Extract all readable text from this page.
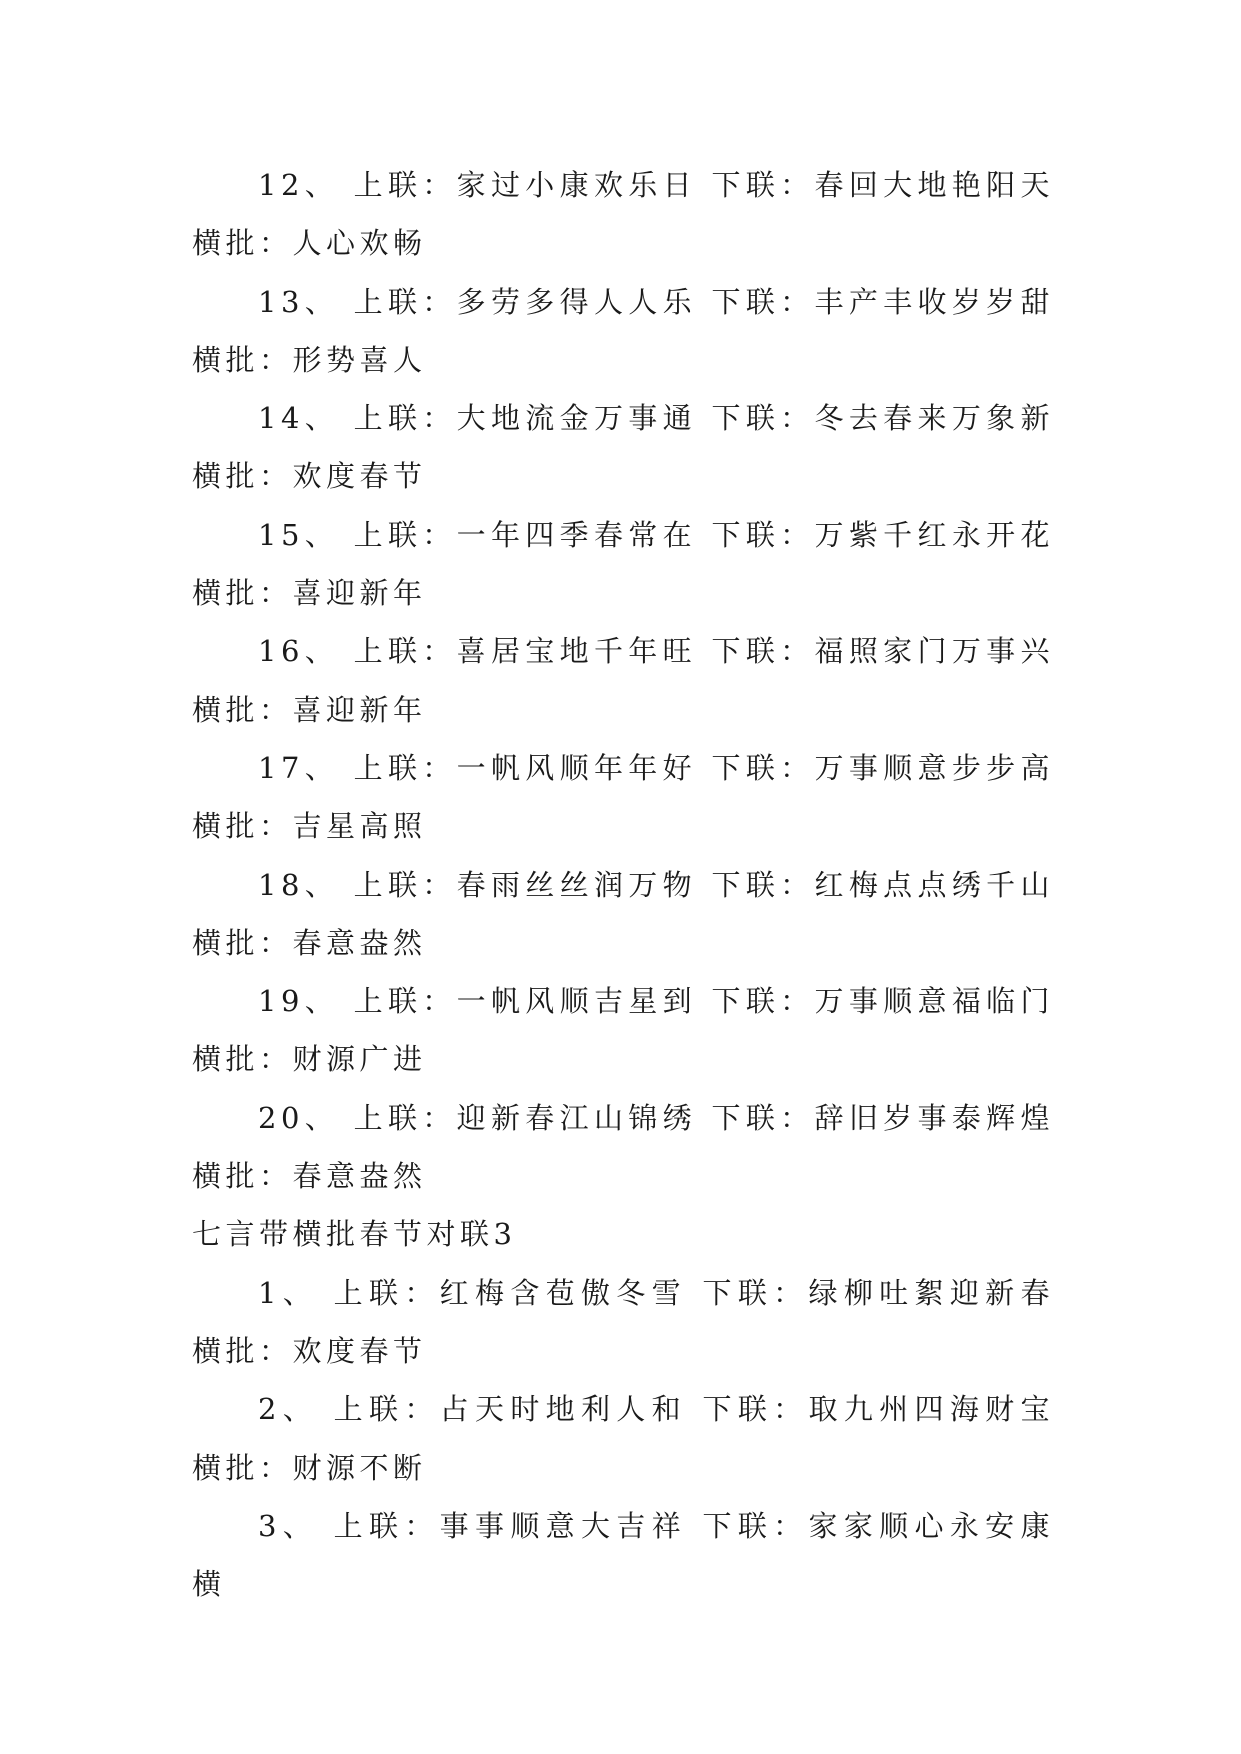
12、 上联：家过小康欢乐日 下联：春回大地艳阳天 横批：人心欢畅

13、 上联：多劳多得人人乐 下联：丰产丰收岁岁甜 横批：形势喜人

14、 上联：大地流金万事通 下联：冬去春来万象新 横批：欢度春节

15、 上联：一年四季春常在 下联：万紫千红永开花 横批：喜迎新年

16、 上联：喜居宝地千年旺 下联：福照家门万事兴 横批：喜迎新年

17、 上联：一帆风顺年年好 下联：万事顺意步步高 横批：吉星高照

18、 上联：春雨丝丝润万物 下联：红梅点点绣千山 横批：春意盎然

19、 上联：一帆风顺吉星到 下联：万事顺意福临门 横批：财源广进

20、 上联：迎新春江山锦绣 下联：辞旧岁事泰辉煌 横批：春意盎然

七言带横批春节对联3

1、 上联：红梅含苞傲冬雪 下联：绿柳吐絮迎新春 横批：欢度春节

2、 上联：占天时地利人和 下联：取九州四海财宝 横批：财源不断

3、 上联：事事顺意大吉祥 下联：家家顺心永安康 横
